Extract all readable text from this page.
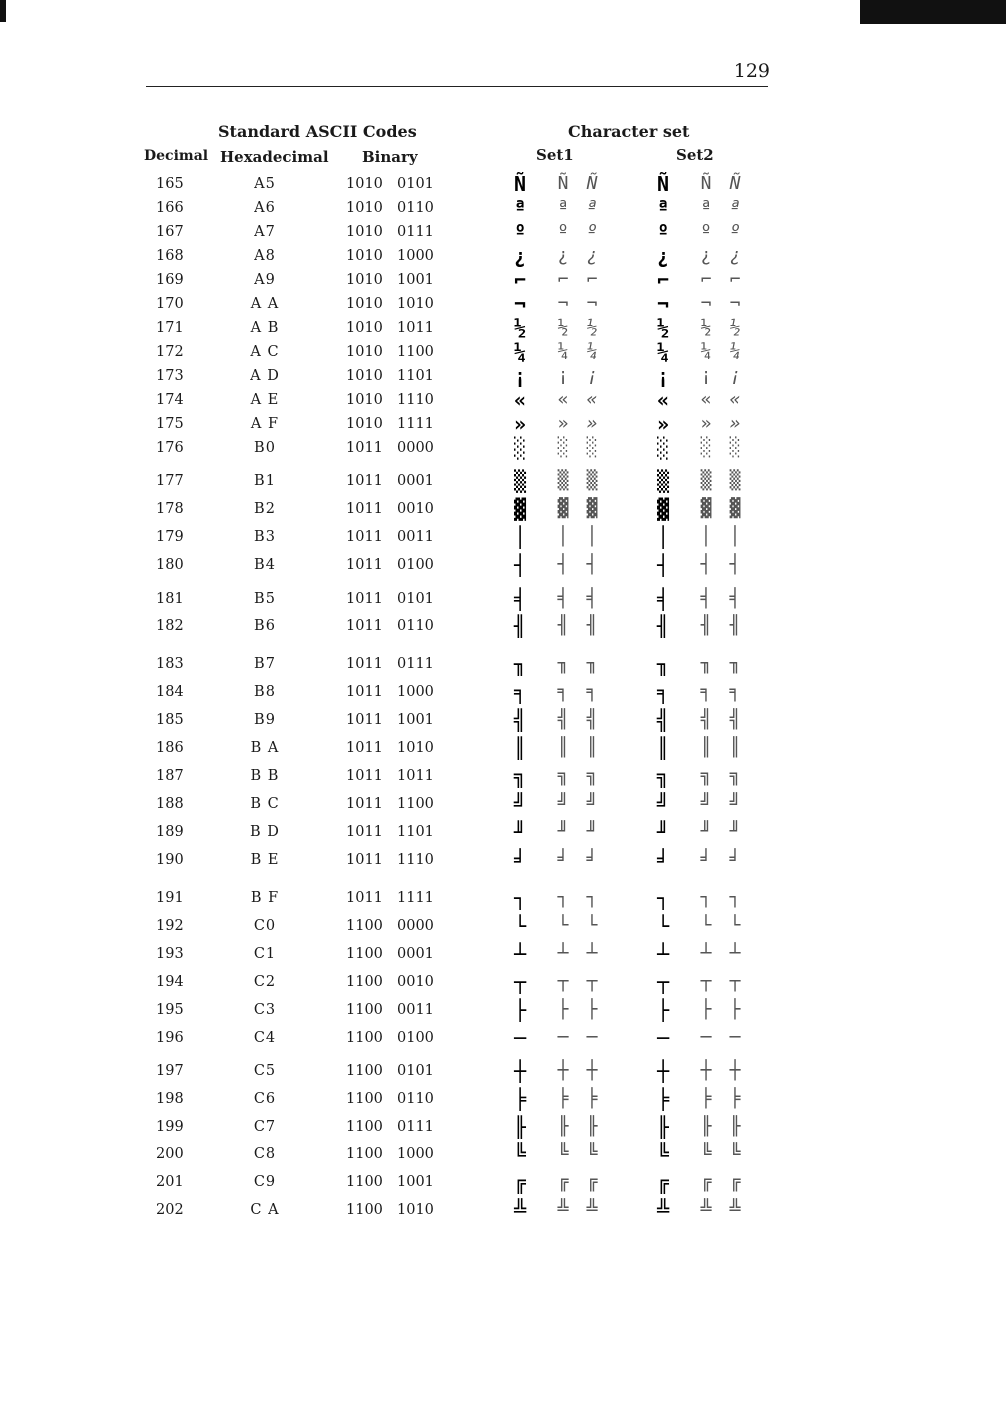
129
Standard ASCII Codes	Character set
Decimal Hexadecimal Binary	Set1	Set2
165	A5	1010 0101	Ñ	Ñ	Ñ	Ñ	Ñ	Ñ
166	A6	1010 0110	ª	ª	ª	ª	ª	ª
167	A7	1010 0111	º	º	º	º	º	º
168	A8	1010 1000	¿	¿	¿	¿	¿	¿
169	A9	1010 1001	⌐	⌐	⌐	⌐	⌐	⌐
170	A A	1010 1010	¬	¬	¬	¬	¬	¬
171	A B	1010 1011	½	½	½	½	½	½
172	A C	1010 1100	¼	¼	¼	¼	¼	¼
173	A D	1010 1101	¡	¡	¡	¡	¡	¡
174	A E	1010 1110	«	«	«	«	«	«
175	A F	1010 1111	»	»	»	»	»	»
176	B0	1011 0000	░	░	░	░	░	░
177	B1	1011 0001	▒	▒	▒	▒	▒	▒
178	B2	1011 0010	▓	▓	▓	▓	▓	▓
179	B3	1011 0011	│	│	│	│	│	│
180	B4	1011 0100	┤	┤	┤	┤	┤	┤
181	B5	1011 0101	╡	╡	╡	╡	╡	╡
182	B6	1011 0110	╢	╢	╢	╢	╢	╢
183	B7	1011 0111	╖	╖	╖	╖	╖	╖
184	B8	1011 1000	╕	╕	╕	╕	╕	╕
185	B9	1011 1001	╣	╣	╣	╣	╣	╣
186	B A	1011 1010	║	║	║	║	║	║
187	B B	1011 1011	╗	╗	╗	╗	╗	╗
188	B C	1011 1100	╝	╝	╝	╝	╝	╝
189	B D	1011 1101	╜	╜	╜	╜	╜	╜
190	B E	1011 1110	╛	╛	╛	╛	╛	╛
191	B F	1011 1111	┐	┐	┐	┐	┐	┐
192	C0	1100 0000	└	└	└	└	└	└
193	C1	1100 0001	┴	┴	┴	┴	┴	┴
194	C2	1100 0010	┬	┬	┬	┬	┬	┬
195	C3	1100 0011	├	├	├	├	├	├
196	C4	1100 0100	─	─	─	─	─	─
197	C5	1100 0101	┼	┼	┼	┼	┼	┼
198	C6	1100 0110	╞	╞	╞	╞	╞	╞
199	C7	1100 0111	╟	╟	╟	╟	╟	╟
200	C8	1100 1000	╚	╚	╚	╚	╚	╚
201	C9	1100 1001	╔	╔	╔	╔	╔	╔
202	C A	1100 1010	╩	╩	╩	╩	╩	╩
